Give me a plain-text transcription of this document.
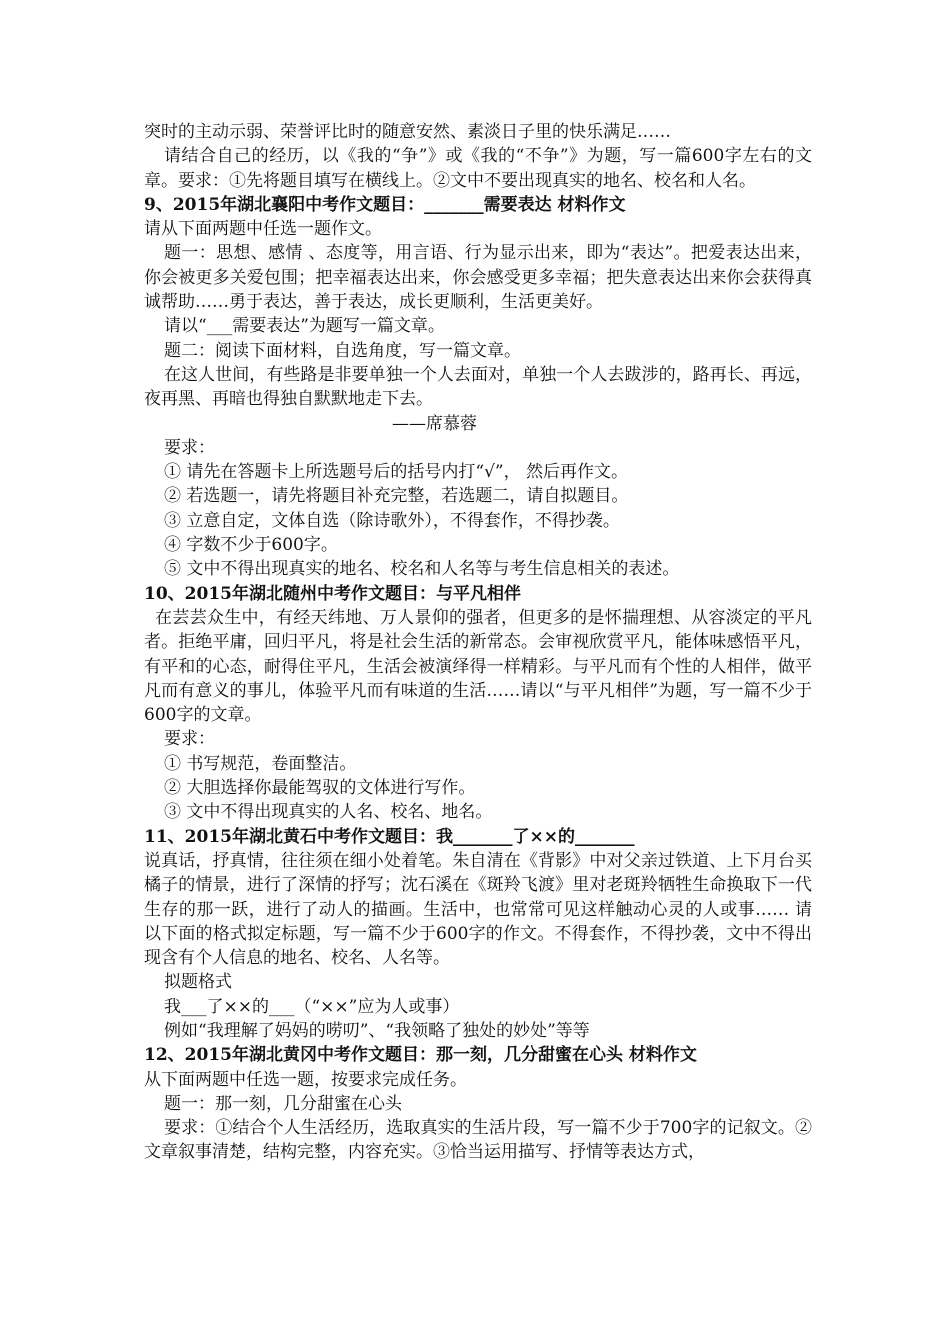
突时的主动示弱、荣誉评比时的随意安然、素淡日子里的快乐满足……

请结合自己的经历，以《我的“争”》或《我的“不争”》为题，写一篇600字左右的文章。要求：①先将题目填写在横线上。②文中不要出现真实的地名、校名和人名。

9、2015年湖北襄阳中考作文题目：_______需要表达 材料作文

请从下面两题中任选一题作文。

题一：思想、感情 、态度等，用言语、行为显示出来，即为“表达”。把爱表达出来，你会被更多关爱包围；把幸福表达出来，你会感受更多幸福；把失意表达出来你会获得真诚帮助……勇于表达，善于表达，成长更顺利，生活更美好。

请以“___需要表达”为题写一篇文章。

题二：阅读下面材料，自选角度，写一篇文章。

在这人世间，有些路是非要单独一个人去面对，单独一个人去跋涉的，路再长、再远，夜再黑、再暗也得独自默默地走下去。

——席慕蓉

要求：

① 请先在答题卡上所选题号后的括号内打“√”， 然后再作文。

② 若选题一，请先将题目补充完整，若选题二，请自拟题目。

③ 立意自定，文体自选（除诗歌外），不得套作，不得抄袭。

④ 字数不少于600字。

⑤ 文中不得出现真实的地名、校名和人名等与考生信息相关的表述。

10、2015年湖北随州中考作文题目：与平凡相伴

在芸芸众生中，有经天纬地、万人景仰的强者，但更多的是怀揣理想、从容淡定的平凡者。拒绝平庸，回归平凡，将是社会生活的新常态。会审视欣赏平凡，能体味感悟平凡，有平和的心态，耐得住平凡，生活会被演绎得一样精彩。与平凡而有个性的人相伴，做平凡而有意义的事儿，体验平凡而有味道的生活……请以“与平凡相伴”为题，写一篇不少于600字的文章。

要求：

① 书写规范，卷面整洁。

② 大胆选择你最能驾驭的文体进行写作。

③ 文中不得出现真实的人名、校名、地名。

11、2015年湖北黄石中考作文题目：我_______了××的_______

说真话，抒真情，往往须在细小处着笔。朱自清在《背影》中对父亲过铁道、上下月台买橘子的情景，进行了深情的抒写；沈石溪在《斑羚飞渡》里对老斑羚牺牲生命换取下一代生存的那一跃，进行了动人的描画。生活中，也常常可见这样触动心灵的人或事…… 请以下面的格式拟定标题，写一篇不少于600字的作文。不得套作，不得抄袭，文中不得出现含有个人信息的地名、校名、人名等。

拟题格式

我___了××的___（“××”应为人或事）

例如“我理解了妈妈的唠叨”、“我领略了独处的妙处”等等

12、2015年湖北黄冈中考作文题目：那一刻，几分甜蜜在心头 材料作文

从下面两题中任选一题，按要求完成任务。

题一：那一刻，几分甜蜜在心头

要求：①结合个人生活经历，选取真实的生活片段，写一篇不少于700字的记叙文。②文章叙事清楚，结构完整，内容充实。③恰当运用描写、抒情等表达方式，
